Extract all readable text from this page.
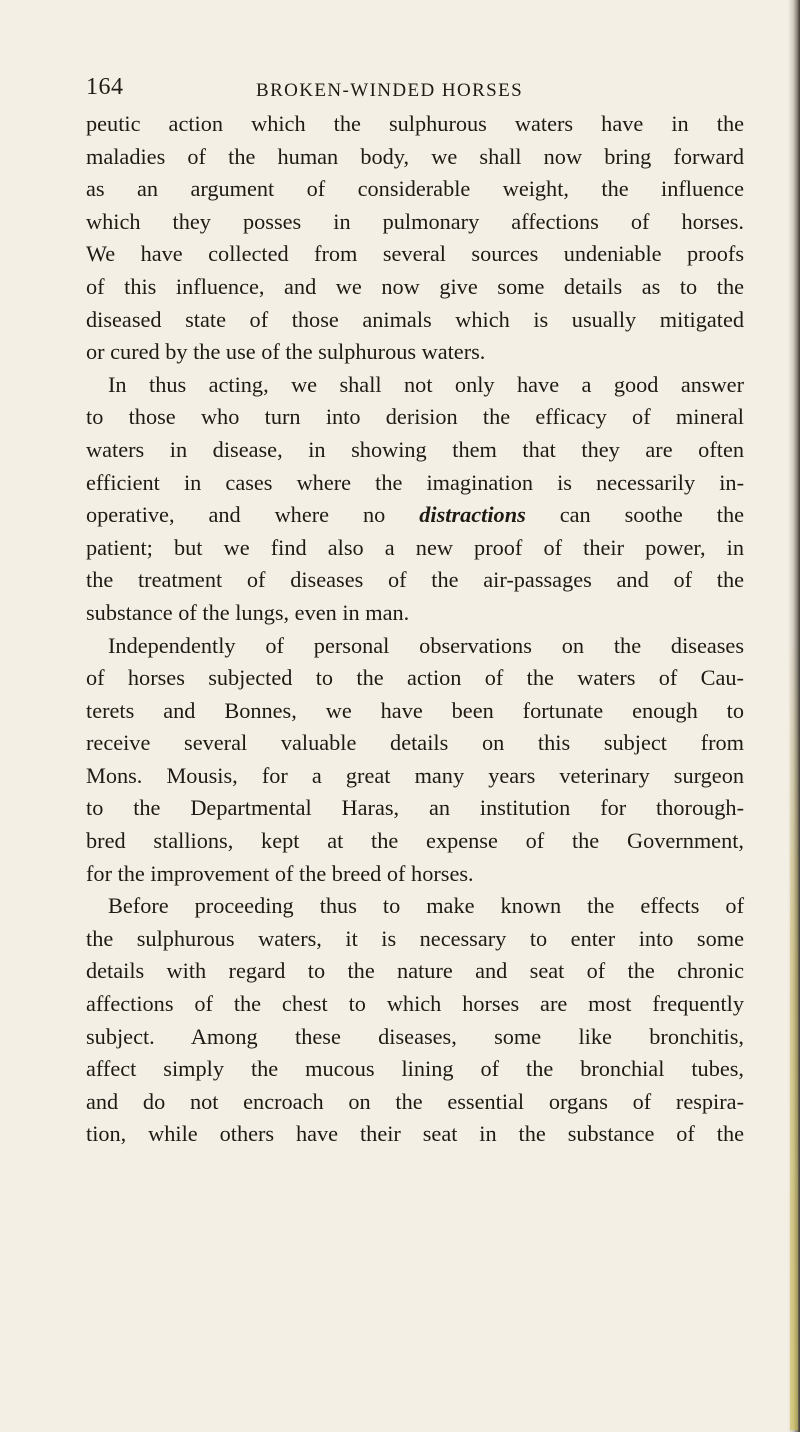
164	BROKEN-WINDED HORSES
peutic action which the sulphurous waters have in the
maladies of the human body, we shall now bring forward
as an argument of considerable weight, the influence
which they posses in pulmonary affections of horses.
We have collected from several sources undeniable proofs
of this influence, and we now give some details as to the
diseased state of those animals which is usually mitigated
or cured by the use of the sulphurous waters.
In thus acting, we shall not only have a good answer
to those who turn into derision the efficacy of mineral
waters in disease, in showing them that they are often
efficient in cases where the imagination is necessarily in-
operative, and where no distractions can soothe the
patient; but we find also a new proof of their power, in
the treatment of diseases of the air-passages and of the
substance of the lungs, even in man.
Independently of personal observations on the diseases
of horses subjected to the action of the waters of Cau-
terets and Bonnes, we have been fortunate enough to
receive several valuable details on this subject from
Mons. Mousis, for a great many years veterinary surgeon
to the Departmental Haras, an institution for thorough-
bred stallions, kept at the expense of the Government,
for the improvement of the breed of horses.
Before proceeding thus to make known the effects of
the sulphurous waters, it is necessary to enter into some
details with regard to the nature and seat of the chronic
affections of the chest to which horses are most frequently
subject. Among these diseases, some like bronchitis,
affect simply the mucous lining of the bronchial tubes,
and do not encroach on the essential organs of respira-
tion, while others have their seat in the substance of the
